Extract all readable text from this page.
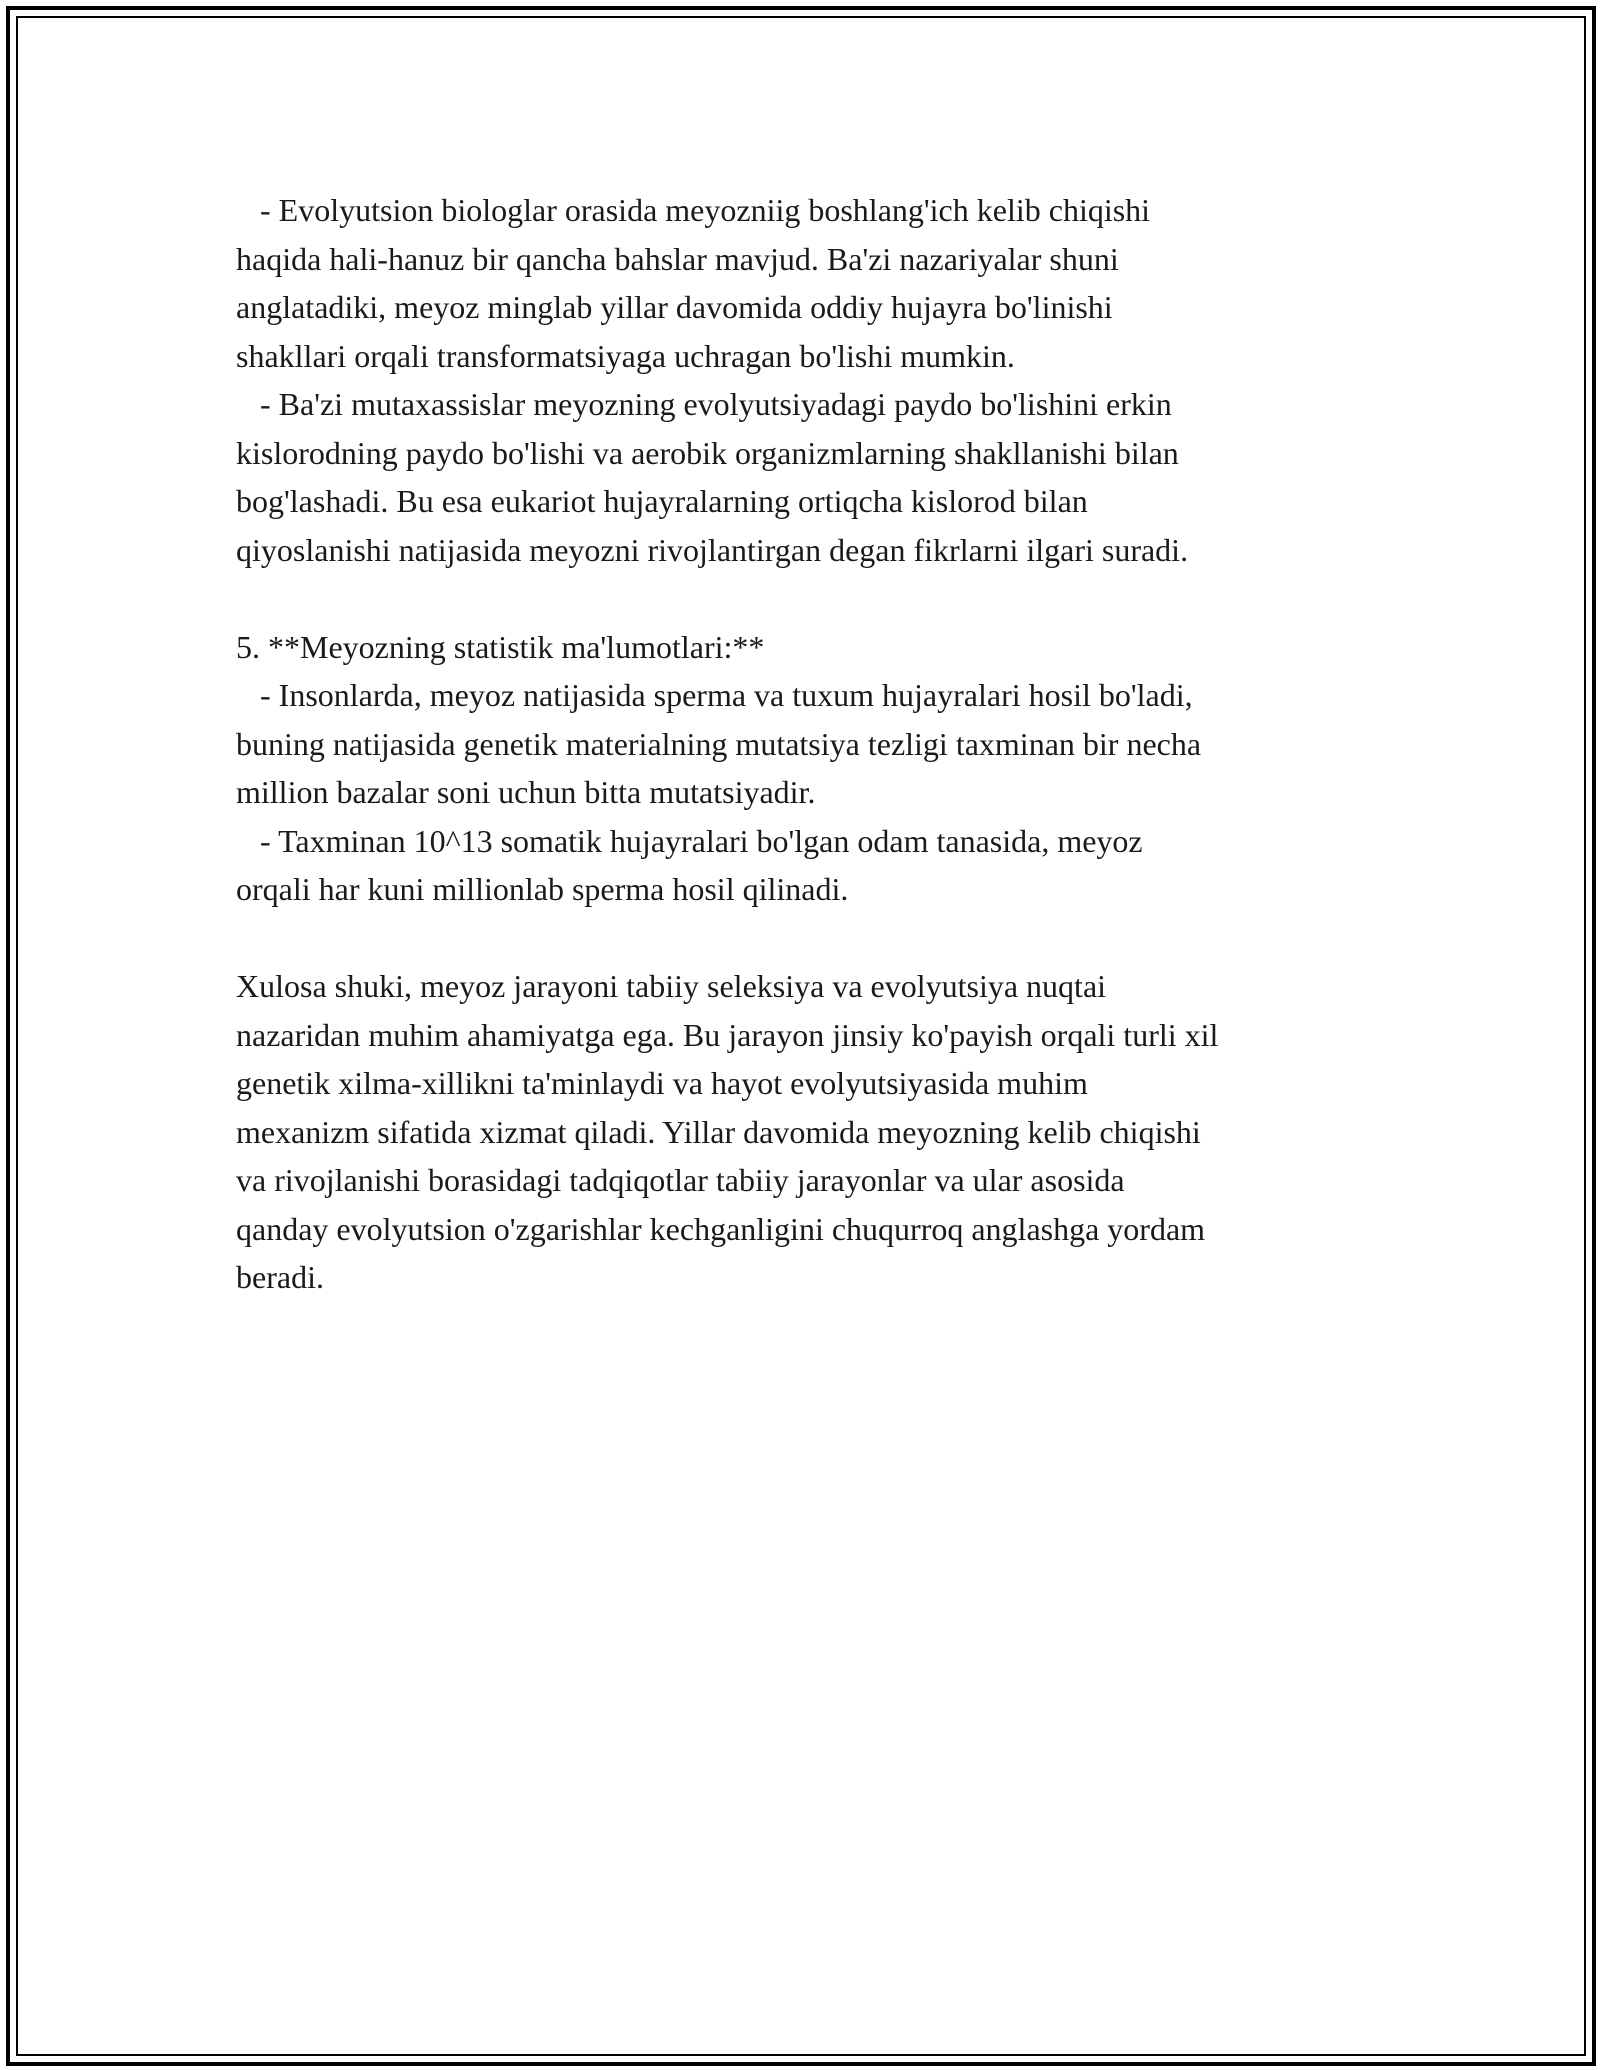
- Evolyutsion biologlar orasida meyozniig boshlang'ich kelib chiqishi
haqida hali-hanuz bir qancha bahslar mavjud. Ba'zi nazariyalar shuni
anglatadiki, meyoz minglab yillar davomida oddiy hujayra bo'linishi
shakllari orqali transformatsiyaga uchragan bo'lishi mumkin.
- Ba'zi mutaxassislar meyozning evolyutsiyadagi paydo bo'lishini erkin
kislorodning paydo bo'lishi va aerobik organizmlarning shakllanishi bilan
bog'lashadi. Bu esa eukariot hujayralarning ortiqcha kislorod bilan
qiyoslanishi natijasida meyozni rivojlantirgan degan fikrlarni ilgari suradi.
5. **Meyozning statistik ma'lumotlari:**
- Insonlarda, meyoz natijasida sperma va tuxum hujayralari hosil bo'ladi,
buning natijasida genetik materialning mutatsiya tezligi taxminan bir necha
million bazalar soni uchun bitta mutatsiyadir.
- Taxminan 10^13 somatik hujayralari bo'lgan odam tanasida, meyoz
orqali har kuni millionlab sperma hosil qilinadi.
Xulosa shuki, meyoz jarayoni tabiiy seleksiya va evolyutsiya nuqtai
nazaridan muhim ahamiyatga ega. Bu jarayon jinsiy ko'payish orqali turli xil
genetik xilma-xillikni ta'minlaydi va hayot evolyutsiyasida muhim
mexanizm sifatida xizmat qiladi. Yillar davomida meyozning kelib chiqishi
va rivojlanishi borasidagi tadqiqotlar tabiiy jarayonlar va ular asosida
qanday evolyutsion o'zgarishlar kechganligini chuqurroq anglashga yordam
beradi.
